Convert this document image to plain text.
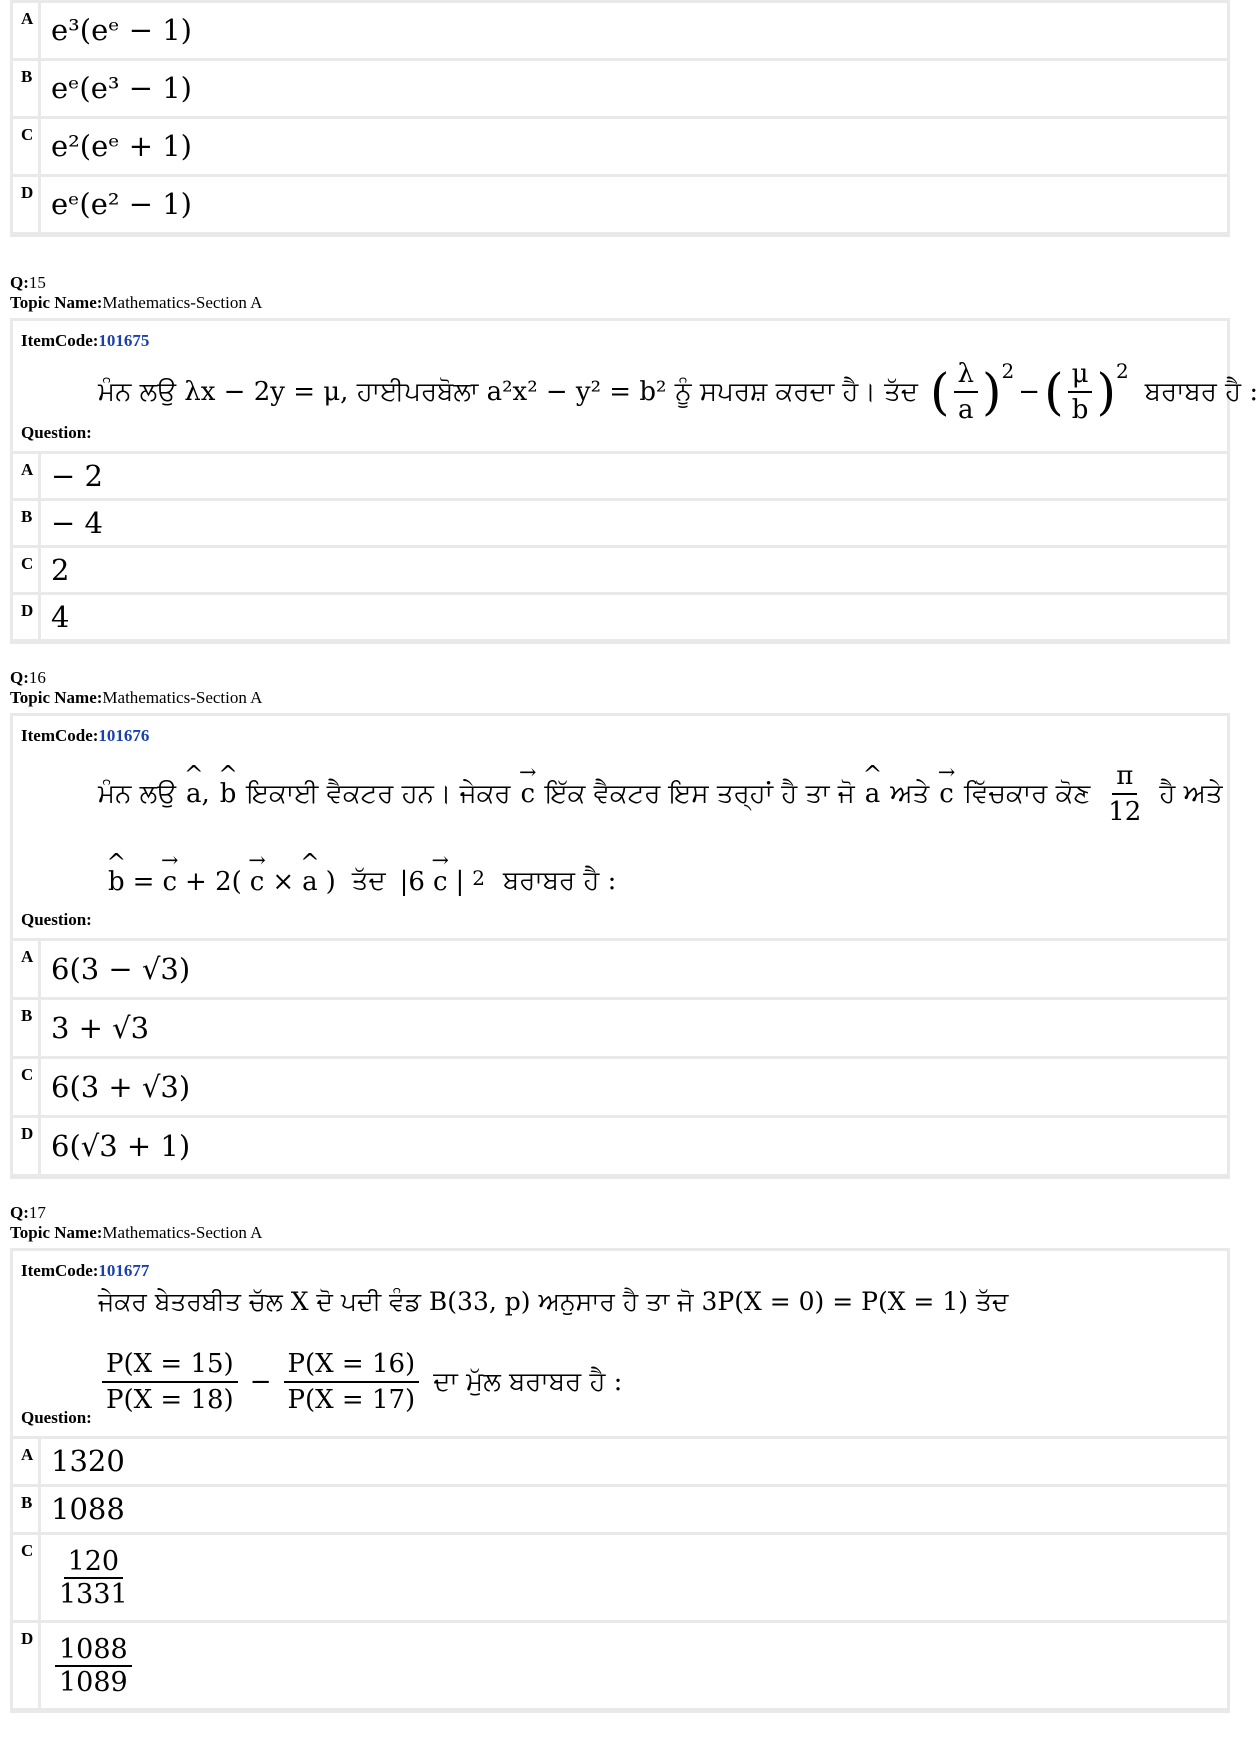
A e³(eᵉ − 1)
B eᵉ(e³ − 1)
C e²(eᵉ + 1)
D eᵉ(e² − 1)
Q:15
Topic Name:Mathematics-Section A
ItemCode:101675
ਮੰਨ ਲਉ λx − 2y = μ, ਹਾਈਪਰਬੋਲਾ a²x² − y² = b² ਨੂੰ ਸਪਰਸ਼ ਕਰਦਾ ਹੈ। ਤੱਦ ( $\frac{\lambda}{a} )^2$
− ( $\frac{\mu}{b} )^2$
ਬਰਾਬਰ ਹੈ :
Question:
A − 2
B − 4
C 2
D 4
Q:16
Topic Name:Mathematics-Section A
ItemCode:101676
ਮੰਨ ਲਉ ^ a , ^ b ਇਕਾਈ ਵੈਕਟਰ ਹਨ। ਜੇਕਰ → c ਇੱਕ ਵੈਕਟਰ ਇਸ ਤਰ੍ਹਾਂ ਹੈ ਤਾ ਜੋ ^ a ਅਤੇ → c ਵਿੱਚਕਾਰ ਕੋਣ $\frac{\pi}{12}$ ਹੈ ਅਤੇ
^ b = → c + 2( → c × ^ a ) ਤੱਦ |6 → c | 2 ਬਰਾਬਰ ਹੈ :
Question:
A 6(3 − √3)
B 3 + √3
C 6(3 + √3)
D 6(√3 + 1)
Q:17
Topic Name:Mathematics-Section A
ItemCode:101677
ਜੇਕਰ ਬੇਤਰਬੀਤ ਚੱਲ X ਦੋ ਪਦੀ ਵੰਡ B(33, p) ਅਨੁਸਾਰ ਹੈ ਤਾ ਜੋ 3P(X = 0) = P(X = 1) ਤੱਦ
$\frac{P(X = 15)}{P(X = 18)} - \frac{P(X = 16)}{P(X = 17)}$ ਦਾ ਮੁੱਲ ਬਰਾਬਰ ਹੈ :
Question:
A 1320
B 1088
C $\frac{120}{1331}$
D $\frac{1088}{1089}$
